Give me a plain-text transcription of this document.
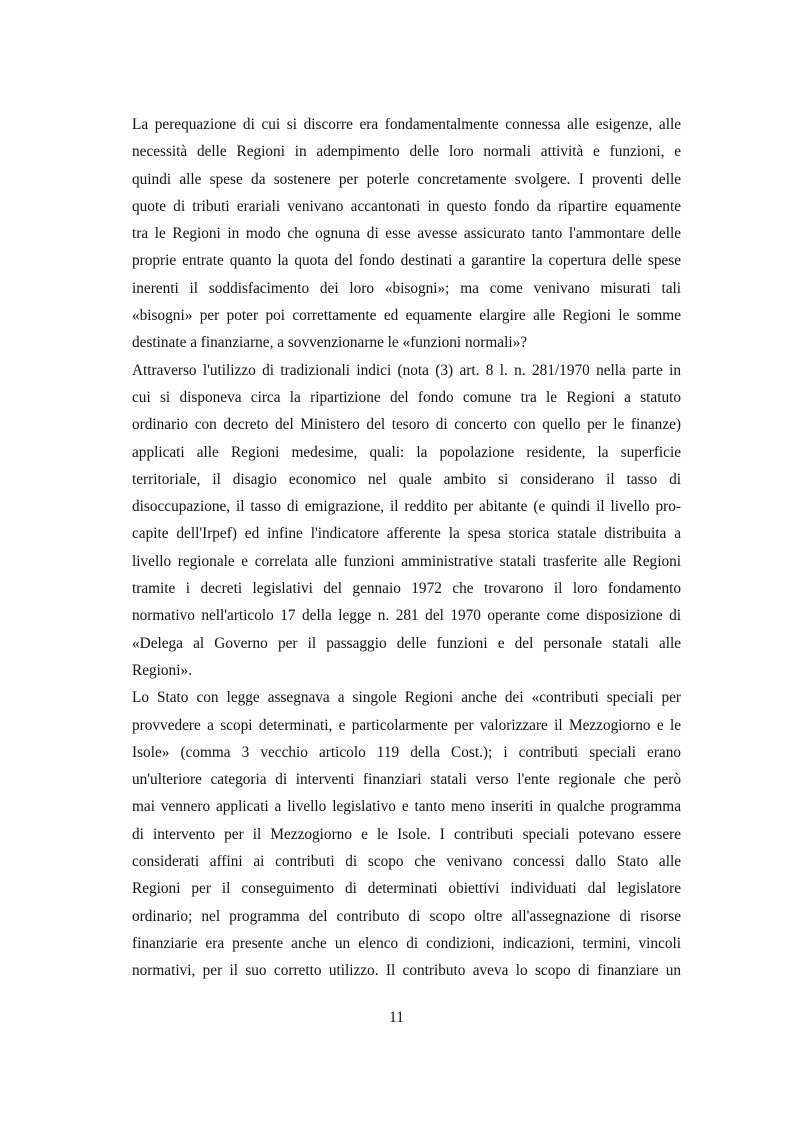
La perequazione di cui si discorre era fondamentalmente connessa alle esigenze, alle
necessità delle Regioni in adempimento delle loro normali attività e funzioni, e
quindi alle spese da sostenere per poterle concretamente svolgere. I proventi delle
quote di tributi erariali venivano accantonati in questo fondo da ripartire equamente
tra le Regioni in modo che ognuna di esse avesse assicurato tanto l'ammontare delle
proprie entrate quanto la quota del fondo destinati a garantire la copertura delle spese
inerenti il soddisfacimento dei loro «bisogni»; ma come venivano misurati tali
«bisogni» per poter poi correttamente ed equamente elargire alle Regioni le somme
destinate a finanziarne, a sovvenzionarne le «funzioni normali»?
Attraverso l'utilizzo di tradizionali indici (nota (3) art. 8 l. n. 281/1970 nella parte in
cui si disponeva circa la ripartizione del fondo comune tra le Regioni a statuto
ordinario con decreto del Ministero del tesoro di concerto con quello per le finanze)
applicati alle Regioni medesime, quali: la popolazione residente, la superficie
territoriale, il disagio economico nel quale ambito si considerano il tasso di
disoccupazione, il tasso di emigrazione, il reddito per abitante (e quindi il livello pro-
capite dell'Irpef) ed infine l'indicatore afferente la spesa storica statale distribuita a
livello regionale e correlata alle funzioni amministrative statali trasferite alle Regioni
tramite i decreti legislativi del gennaio 1972 che trovarono il loro fondamento
normativo nell'articolo 17 della legge n. 281 del 1970 operante come disposizione di
«Delega al Governo per il passaggio delle funzioni e del personale statali alle
Regioni».
Lo Stato con legge assegnava a singole Regioni anche dei «contributi speciali per
provvedere a scopi determinati, e particolarmente per valorizzare il Mezzogiorno e le
Isole» (comma 3 vecchio articolo 119 della Cost.); i contributi speciali erano
un'ulteriore categoria di interventi finanziari statali verso l'ente regionale che però
mai vennero applicati a livello legislativo e tanto meno inseriti in qualche programma
di intervento per il Mezzogiorno e le Isole. I contributi speciali potevano essere
considerati affini ai contributi di scopo che venivano concessi dallo Stato alle
Regioni per il conseguimento di determinati obiettivi individuati dal legislatore
ordinario; nel programma del contributo di scopo oltre all'assegnazione di risorse
finanziarie era presente anche un elenco di condizioni, indicazioni, termini, vincoli
normativi, per il suo corretto utilizzo. Il contributo aveva lo scopo di finanziare un
11
